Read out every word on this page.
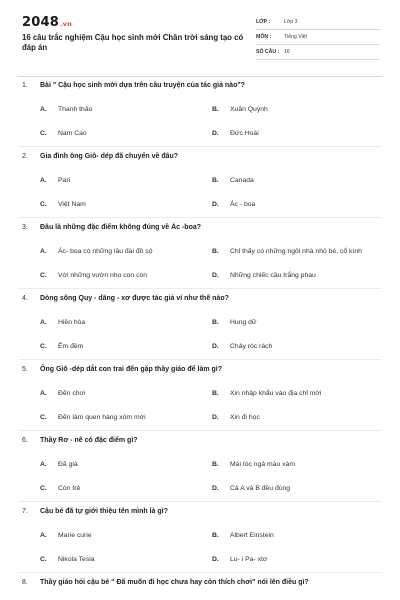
2048.vn
16 câu trắc nghiệm Cậu học sinh mới Chân trời sáng tạo có đáp án
LỚP :	Lớp 3
MÔN :	Tiếng Việt
SỐ CÂU : 16
1. Bài " Cậu học sinh mới dựa trên câu truyện của tác giả nào"?
A. Thanh thảo	B. Xuân Quỳnh
C. Nam Cao	D. Đức Hoài
2. Gia đình ông Giô- dép đã chuyển về đâu?
A. Pari	B. Canada
C. Việt Nam	D. Ác - boa
3. Đâu là những đặc điểm không đúng về Ác -boa?
A. Ác- boa có những lâu đài đồ sộ	B. Chỉ thấy có những ngôi nhà nhỏ bé, cổ kính
C. Với những vườn nho con con	D. Những chiếc cầu trắng phau
4. Dòng sông Quy - dăng - xơ được tác giả ví như thế nào?
A. Hiền hòa	B. Hung dữ
C. Êm đềm	D. Chảy róc rách
5. Ông Giô -dép dắt con trai đến gặp thầy giáo để làm gì?
A. Đến chơi	B. Xin nhập khẩu vào địa chỉ mới
C. Đến làm quen hàng xóm mới	D. Xin đi học
6. Thầy Rơ - nê có đặc điểm gì?
A. Đã già	B. Mái tóc ngả màu xám
C. Còn trẻ	D. Cả A và B đều đúng
7. Cậu bé đã tự giới thiệu tên mình là gì?
A. Marie curie	B. Albert Einstein
C. Nikola Tesla	D. Lu- i Pa- xtơ
8. Thầy giáo hỏi cậu bé " Đã muốn đi học chưa hay còn thích chơi" nói lên điều gì?
